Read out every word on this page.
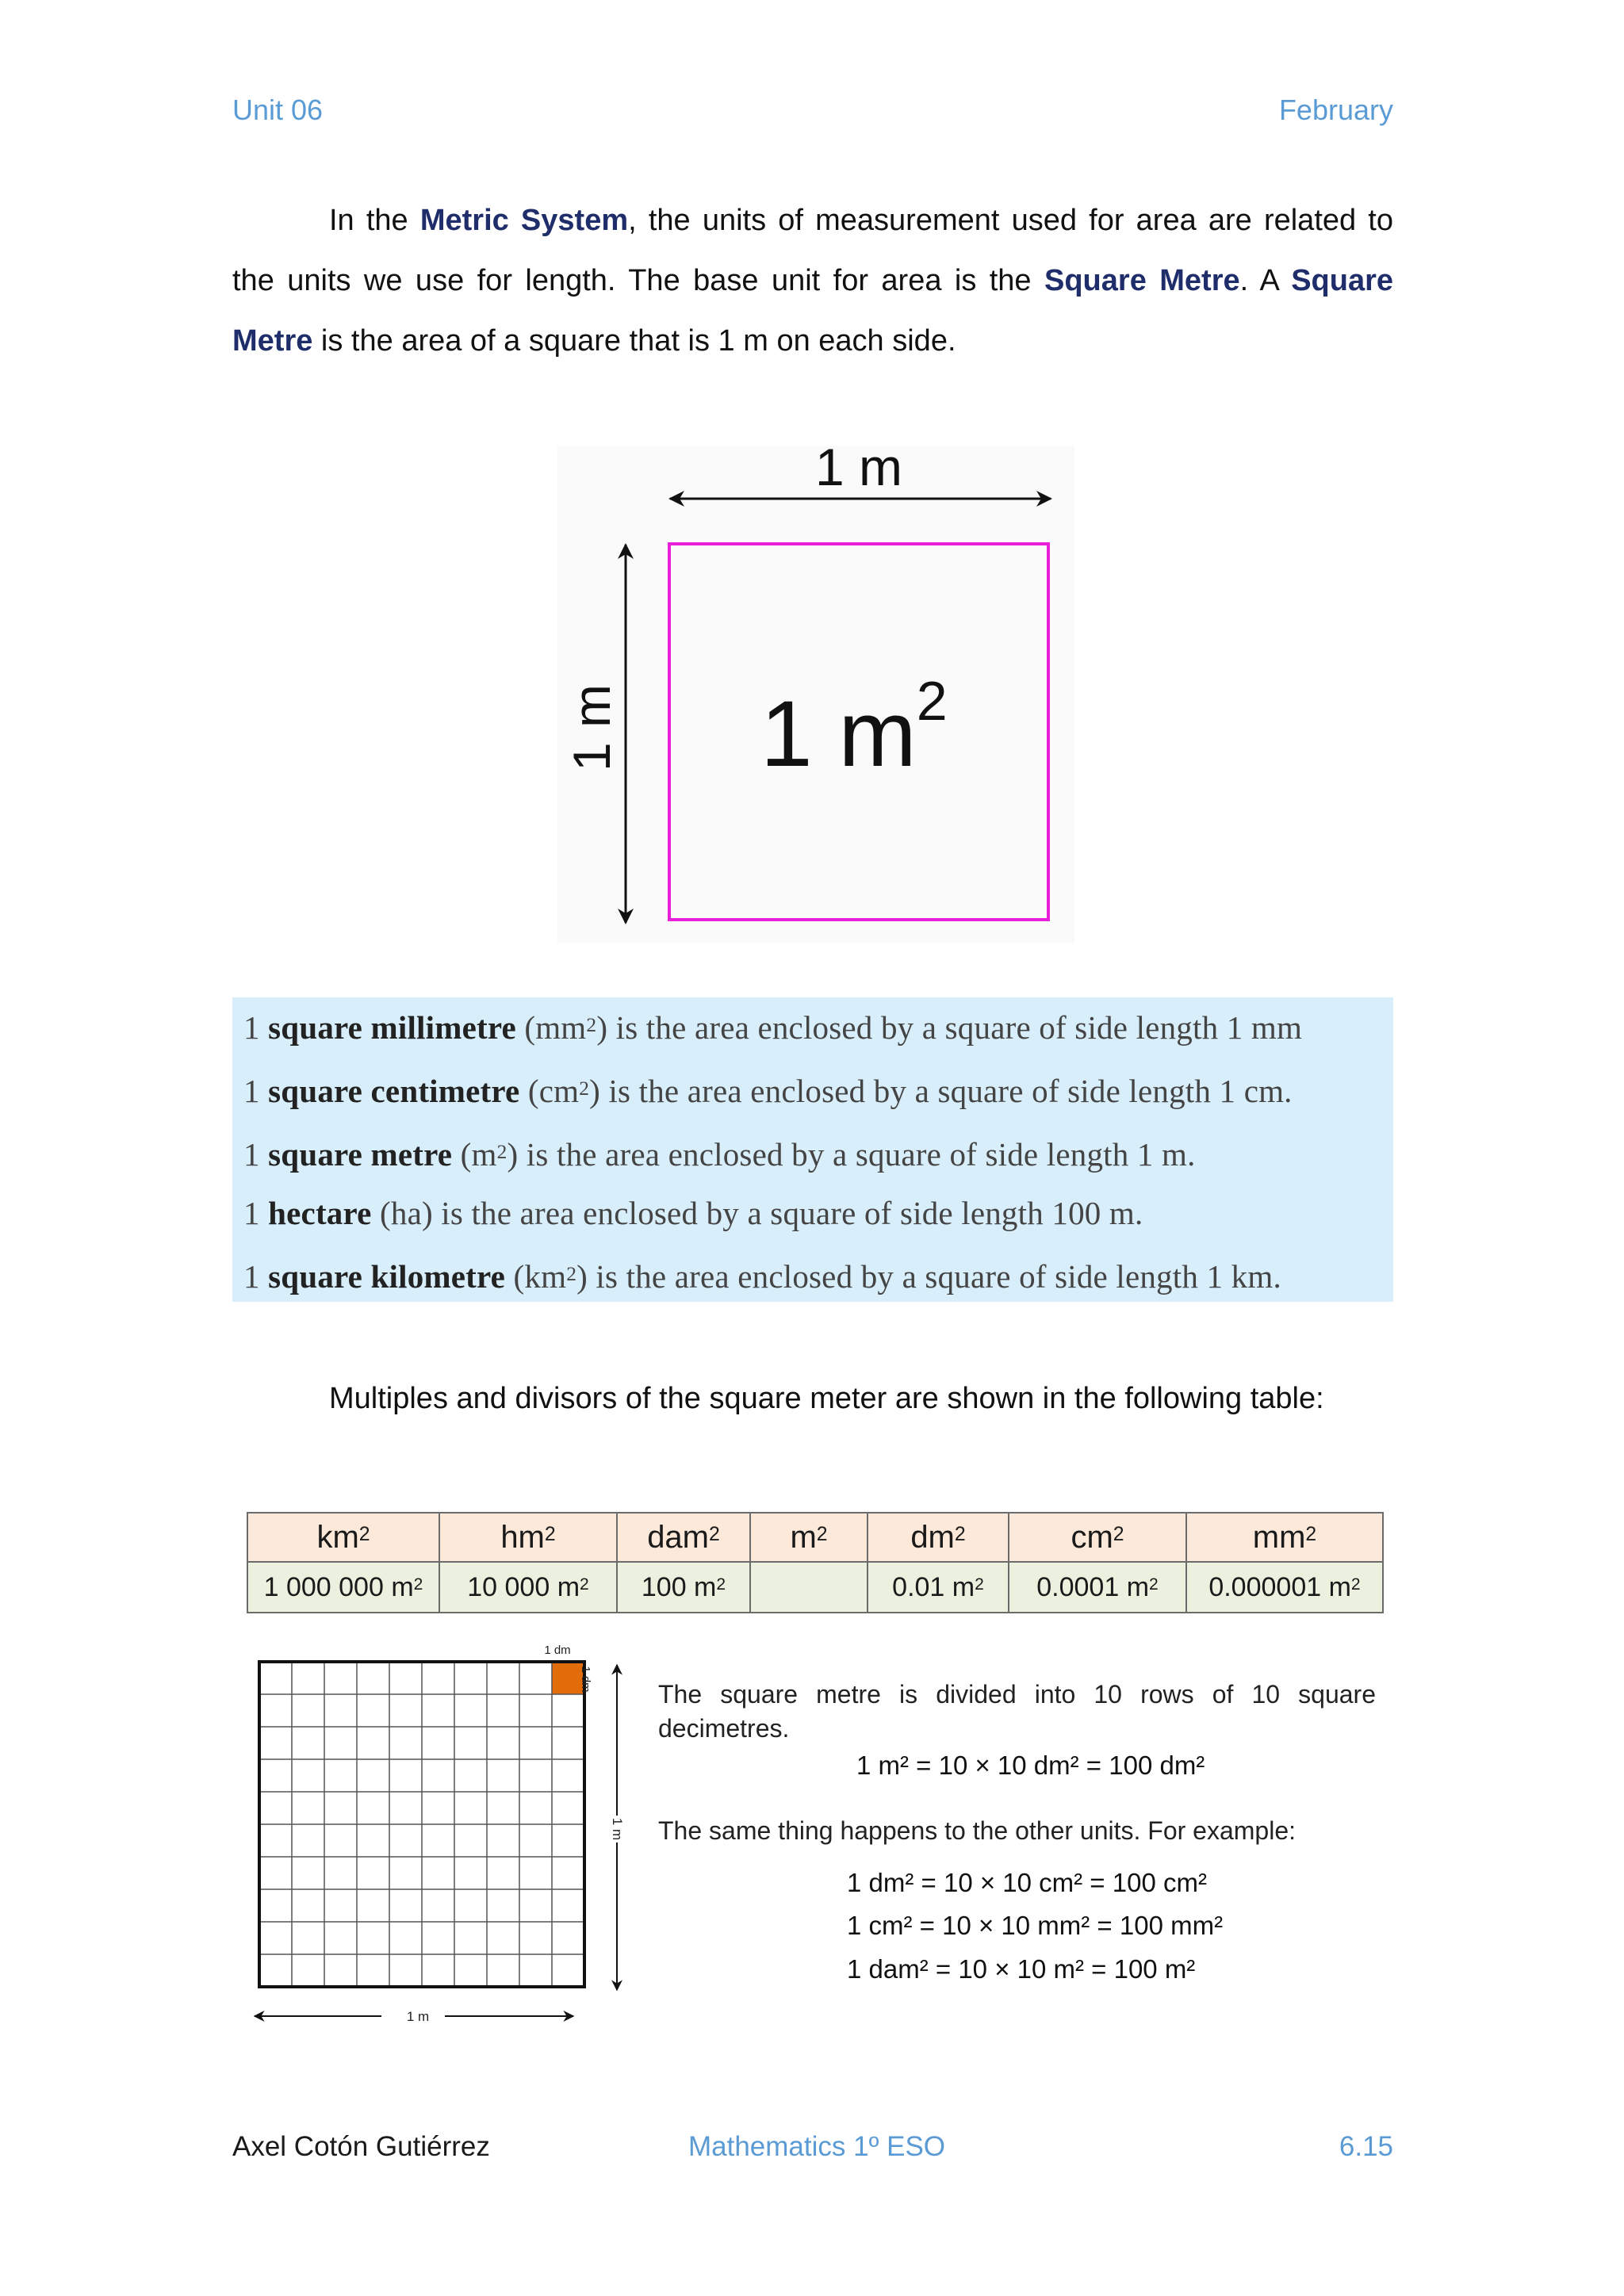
Unit 06	February

In the Metric System, the units of measurement used for area are related to the units we use for length. The base unit for area is the Square Metre. A Square Metre is the area of a square that is 1 m on each side.

1 m
1 m 1 $m^2$
1 square millimetre $(mm^2)$ is the area enclosed by a square of side length 1 mm
1 square centimetre $(cm^2)$ is the area enclosed by a square of side length 1 cm.
1 square metre $(m^2)$ is the area enclosed by a square of side length 1 m.
1 hectare (ha) is the area enclosed by a square of side length 100 m.
1 square kilometre $(km^2)$ is the area enclosed by a square of side length 1 km.
Multiples and divisors of the square meter are shown in the following table:
$km^2$	$hm^2$	dam$^2$	$m^2$	$dm^2$	$cm^2$	$mm^2$
1 000 000 $m^2$	10 000 $m^2$	100 $m^2$		0.01 $m^2$	0.0001 $m^2$	0.000001 $m^2$
1 dm
1 dm
1 m
1 m
The square metre is divided into 10 rows of 10 square decimetres.
1 m² = 10 × 10 dm² = 100 dm²
The same thing happens to the other units. For example:
1 dm² = 10 × 10 cm² = 100 cm²
1 cm² = 10 × 10 mm² = 100 mm²
1 dam² = 10 × 10 m² = 100 m²
Axel Cotón Gutiérrez	Mathematics 1º ESO	6.15
